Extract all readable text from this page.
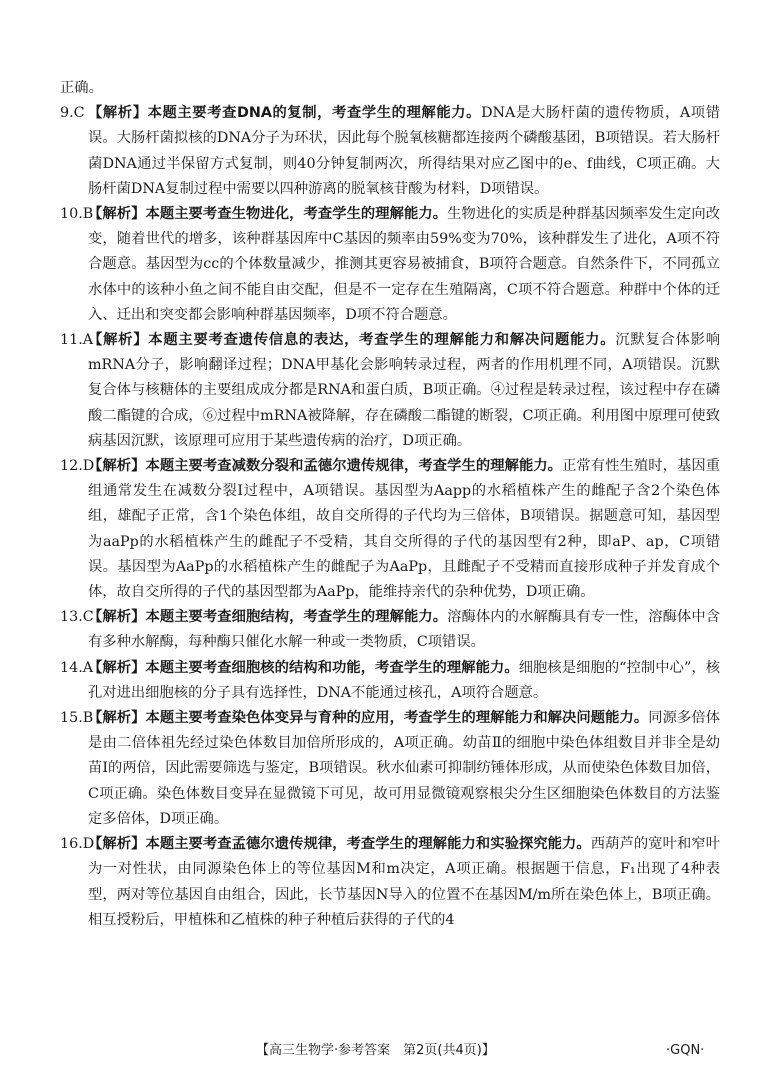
正确。

9.C 【解析】本题主要考查DNA的复制，考查学生的理解能力。DNA是大肠杆菌的遗传物质，A项错误。大肠杆菌拟核的DNA分子为环状，因此每个脱氧核糖都连接两个磷酸基团，B项错误。若大肠杆菌DNA通过半保留方式复制，则40分钟复制两次，所得结果对应乙图中的e、f曲线，C项正确。大肠杆菌DNA复制过程中需要以四种游离的脱氧核苷酸为材料，D项错误。

10.B
【解析】本题主要考查生物进化，考查学生的理解能力。生物进化的实质是种群基因频率发生定向改变，随着世代的增多，该种群基因库中C基因的频率由59%变为70%，该种群发生了进化，A项不符合题意。基因型为cc的个体数量减少，推测其更容易被捕食，B项符合题意。自然条件下，不同孤立水体中的该种小鱼之间不能自由交配，但是不一定存在生殖隔离，C项不符合题意。种群中个体的迁入、迁出和突变都会影响种群基因频率，D项不符合题意。

11.A
【解析】本题主要考查遗传信息的表达，考查学生的理解能力和解决问题能力。沉默复合体影响mRNA分子，影响翻译过程；DNA甲基化会影响转录过程，两者的作用机理不同，A项错误。沉默复合体与核糖体的主要组成成分都是RNA和蛋白质，B项正确。④过程是转录过程，该过程中存在磷酸二酯键的合成，⑥过程中mRNA被降解，存在磷酸二酯键的断裂，C项正确。利用图中原理可使致病基因沉默，该原理可应用于某些遗传病的治疗，D项正确。

12.D
【解析】本题主要考查减数分裂和孟德尔遗传规律，考查学生的理解能力。正常有性生殖时，基因重组通常发生在减数分裂Ⅰ过程中，A项错误。基因型为Aapp的水稻植株产生的雌配子含2个染色体组，雄配子正常，含1个染色体组，故自交所得的子代均为三倍体，B项错误。据题意可知，基因型为aaPp的水稻植株产生的雌配子不受精，其自交所得的子代的基因型有2种，即aP、ap，C项错误。基因型为AaPp的水稻植株产生的雌配子为AaPp，且雌配子不受精而直接形成种子并发育成个体，故自交所得的子代的基因型都为AaPp，能维持亲代的杂种优势，D项正确。

13.C
【解析】本题主要考查细胞结构，考查学生的理解能力。溶酶体内的水解酶具有专一性，溶酶体中含有多种水解酶，每种酶只催化水解一种或一类物质，C项错误。

14.A
【解析】本题主要考查细胞核的结构和功能，考查学生的理解能力。细胞核是细胞的“控制中心”，核孔对进出细胞核的分子具有选择性，DNA不能通过核孔，A项符合题意。

15.B
【解析】本题主要考查染色体变异与育种的应用，考查学生的理解能力和解决问题能力。同源多倍体是由二倍体祖先经过染色体数目加倍所形成的，A项正确。幼苗Ⅱ的细胞中染色体组数目并非全是幼苗Ⅰ的两倍，因此需要筛选与鉴定，B项错误。秋水仙素可抑制纺锤体形成，从而使染色体数目加倍，C项正确。染色体数目变异在显微镜下可见，故可用显微镜观察根尖分生区细胞染色体数目的方法鉴定多倍体，D项正确。

16.D
【解析】本题主要考查孟德尔遗传规律，考查学生的理解能力和实验探究能力。西葫芦的宽叶和窄叶为一对性状，由同源染色体上的等位基因M和m决定，A项正确。根据题干信息，F₁出现了4种表型，两对等位基因自由组合，因此，长节基因N导入的位置不在基因M/m所在染色体上，B项正确。相互授粉后，甲植株和乙植株的种子种植后获得的子代的4

【高三生物学·参考答案　第2页(共4页)】	·GQN·
